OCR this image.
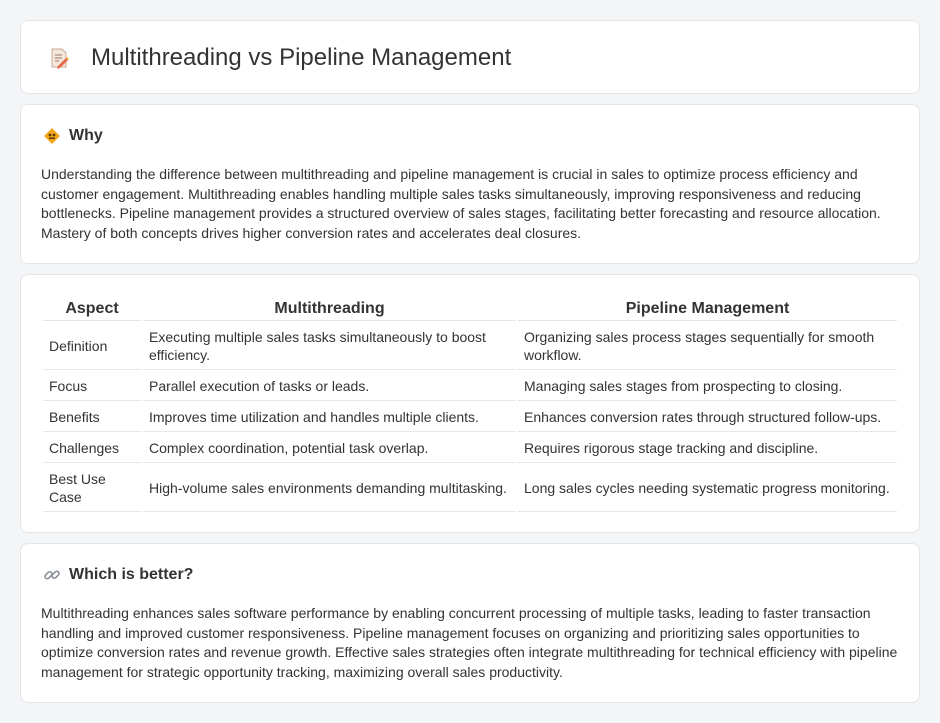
Multithreading vs Pipeline Management
Why

Understanding the difference between multithreading and pipeline management is crucial in sales to optimize process efficiency and customer engagement. Multithreading enables handling multiple sales tasks simultaneously, improving responsiveness and reducing bottlenecks. Pipeline management provides a structured overview of sales stages, facilitating better forecasting and resource allocation. Mastery of both concepts drives higher conversion rates and accelerates deal closures.

Aspect	Multithreading	Pipeline Management
Definition	Executing multiple sales tasks simultaneously to boost efficiency.	Organizing sales process stages sequentially for smooth workflow.
Focus	Parallel execution of tasks or leads.	Managing sales stages from prospecting to closing.
Benefits	Improves time utilization and handles multiple clients.	Enhances conversion rates through structured follow-ups.
Challenges	Complex coordination, potential task overlap.	Requires rigorous stage tracking and discipline.
Best Use Case	High-volume sales environments demanding multitasking.	Long sales cycles needing systematic progress monitoring.
Which is better?

Multithreading enhances sales software performance by enabling concurrent processing of multiple tasks, leading to faster transaction handling and improved customer responsiveness. Pipeline management focuses on organizing and prioritizing sales opportunities to optimize conversion rates and revenue growth. Effective sales strategies often integrate multithreading for technical efficiency with pipeline management for strategic opportunity tracking, maximizing overall sales productivity.
